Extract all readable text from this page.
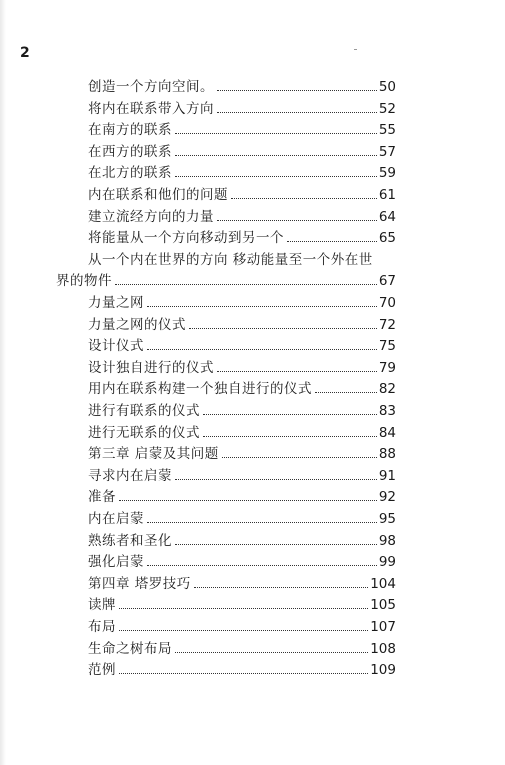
2
创造一个方向空间。	50
将内在联系带入方向	52
在南方的联系	55
在西方的联系	57
在北方的联系	59
内在联系和他们的问题	61
建立流经方向的力量	64
将能量从一个方向移动到另一个	65
从一个内在世界的方向 移动能量至一个外在世
界的物件	67
力量之网	70
力量之网的仪式	72
设计仪式	75
设计独自进行的仪式	79
用内在联系构建一个独自进行的仪式	82
进行有联系的仪式	83
进行无联系的仪式	84
第三章 启蒙及其问题	88
寻求内在启蒙	91
准备	92
内在启蒙	95
熟练者和圣化	98
强化启蒙	99
第四章 塔罗技巧	104
读牌	105
布局	107
生命之树布局	108
范例	109
